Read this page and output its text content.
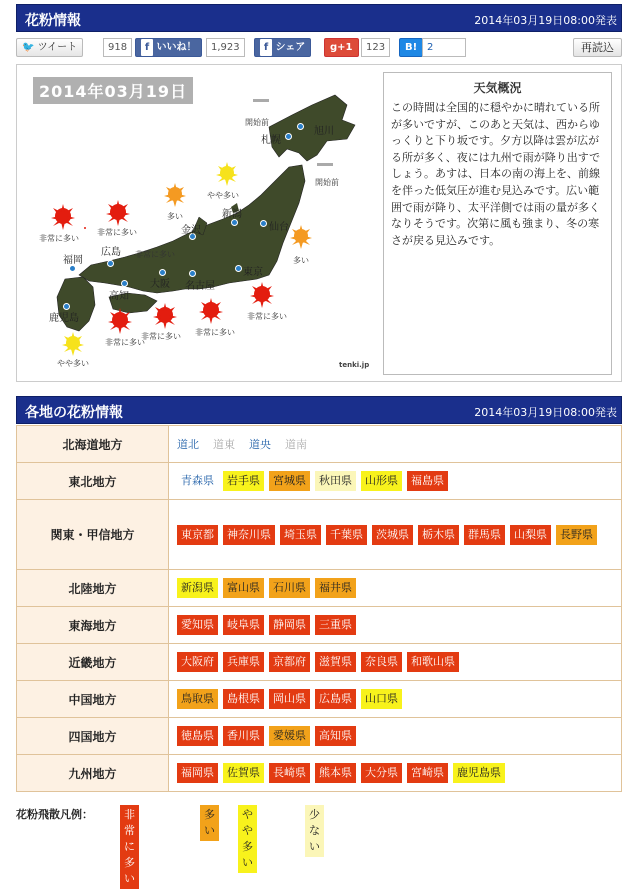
花粉情報	2014年03月19日08:00発表
🐦 ツイート	918	f いいね！	1,923	f シェア	g+1	123	B! 2	再読込
2014年03月19日
旭川
札幌
仙台
新潟
金沢
広島
福岡
高知
大阪 名古屋
東京
鹿児島
開始前
開始前
やや多い
多い
多い
非常に多い
非常に多い
非常に多い
非常に多い
非常に多い 非常に多い
非常に多い
やや多い	tenki.jp
天気概況
この時間は全国的に穏やかに晴れている所が多いですが、このあと天気は、西からゆっくりと下り坂です。夕方以降は雲が広がる所が多く、夜には九州で雨が降り出すでしょう。あすは、日本の南の海上を、前線を伴った低気圧が進む見込みです。広い範囲で雨が降り、太平洋側では雨の量が多くなりそうです。次第に風も強まり、冬の寒さが戻る見込みです。
各地の花粉情報	2014年03月19日08:00発表
北海道地方	道北 道東 道央 道南
東北地方	青森県 岩手県 宮城県 秋田県 山形県 福島県
関東・甲信地方	東京都 神奈川県 埼玉県 千葉県 茨城県 栃木県 群馬県 山梨県 長野県
北陸地方	新潟県 富山県 石川県 福井県
東海地方	愛知県 岐阜県 静岡県 三重県
近畿地方	大阪府 兵庫県 京都府 滋賀県 奈良県 和歌山県
中国地方	鳥取県 島根県 岡山県 広島県 山口県
四国地方	徳島県 香川県 愛媛県 高知県
九州地方	福岡県 佐賀県 長崎県 熊本県 大分県 宮崎県 鹿児島県
花粉飛散凡例：	非常に多い
多い
やや多い
少ない
